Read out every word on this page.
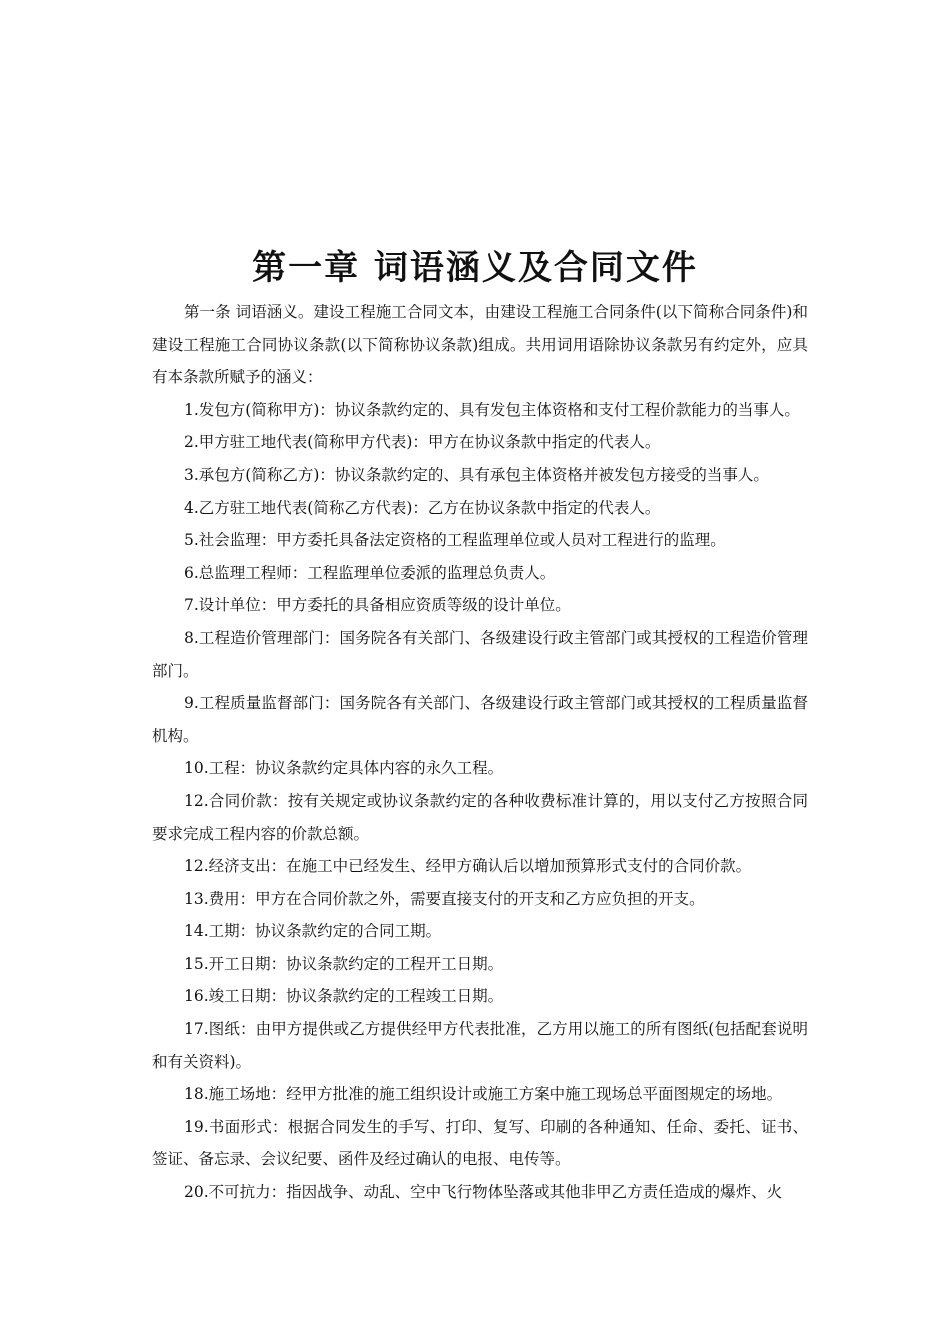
第一章 词语涵义及合同文件

第一条 词语涵义。建设工程施工合同文本，由建设工程施工合同条件(以下简称合同条件)和建设工程施工合同协议条款(以下简称协议条款)组成。共用词用语除协议条款另有约定外，应具有本条款所赋予的涵义：

1.发包方(简称甲方)：协议条款约定的、具有发包主体资格和支付工程价款能力的当事人。

2.甲方驻工地代表(简称甲方代表)：甲方在协议条款中指定的代表人。

3.承包方(简称乙方)：协议条款约定的、具有承包主体资格并被发包方接受的当事人。

4.乙方驻工地代表(简称乙方代表)：乙方在协议条款中指定的代表人。

5.社会监理：甲方委托具备法定资格的工程监理单位或人员对工程进行的监理。

6.总监理工程师：工程监理单位委派的监理总负责人。

7.设计单位：甲方委托的具备相应资质等级的设计单位。

8.工程造价管理部门：国务院各有关部门、各级建设行政主管部门或其授权的工程造价管理部门。

9.工程质量监督部门：国务院各有关部门、各级建设行政主管部门或其授权的工程质量监督机构。

10.工程：协议条款约定具体内容的永久工程。

12.合同价款：按有关规定或协议条款约定的各种收费标准计算的，用以支付乙方按照合同要求完成工程内容的价款总额。

12.经济支出：在施工中已经发生、经甲方确认后以增加预算形式支付的合同价款。

13.费用：甲方在合同价款之外，需要直接支付的开支和乙方应负担的开支。

14.工期：协议条款约定的合同工期。

15.开工日期：协议条款约定的工程开工日期。

16.竣工日期：协议条款约定的工程竣工日期。

17.图纸：由甲方提供或乙方提供经甲方代表批准，乙方用以施工的所有图纸(包括配套说明和有关资料)。

18.施工场地：经甲方批准的施工组织设计或施工方案中施工现场总平面图规定的场地。

19.书面形式：根据合同发生的手写、打印、复写、印刷的各种通知、任命、委托、证书、签证、备忘录、会议纪要、函件及经过确认的电报、电传等。

20.不可抗力：指因战争、动乱、空中飞行物体坠落或其他非甲乙方责任造成的爆炸、火
